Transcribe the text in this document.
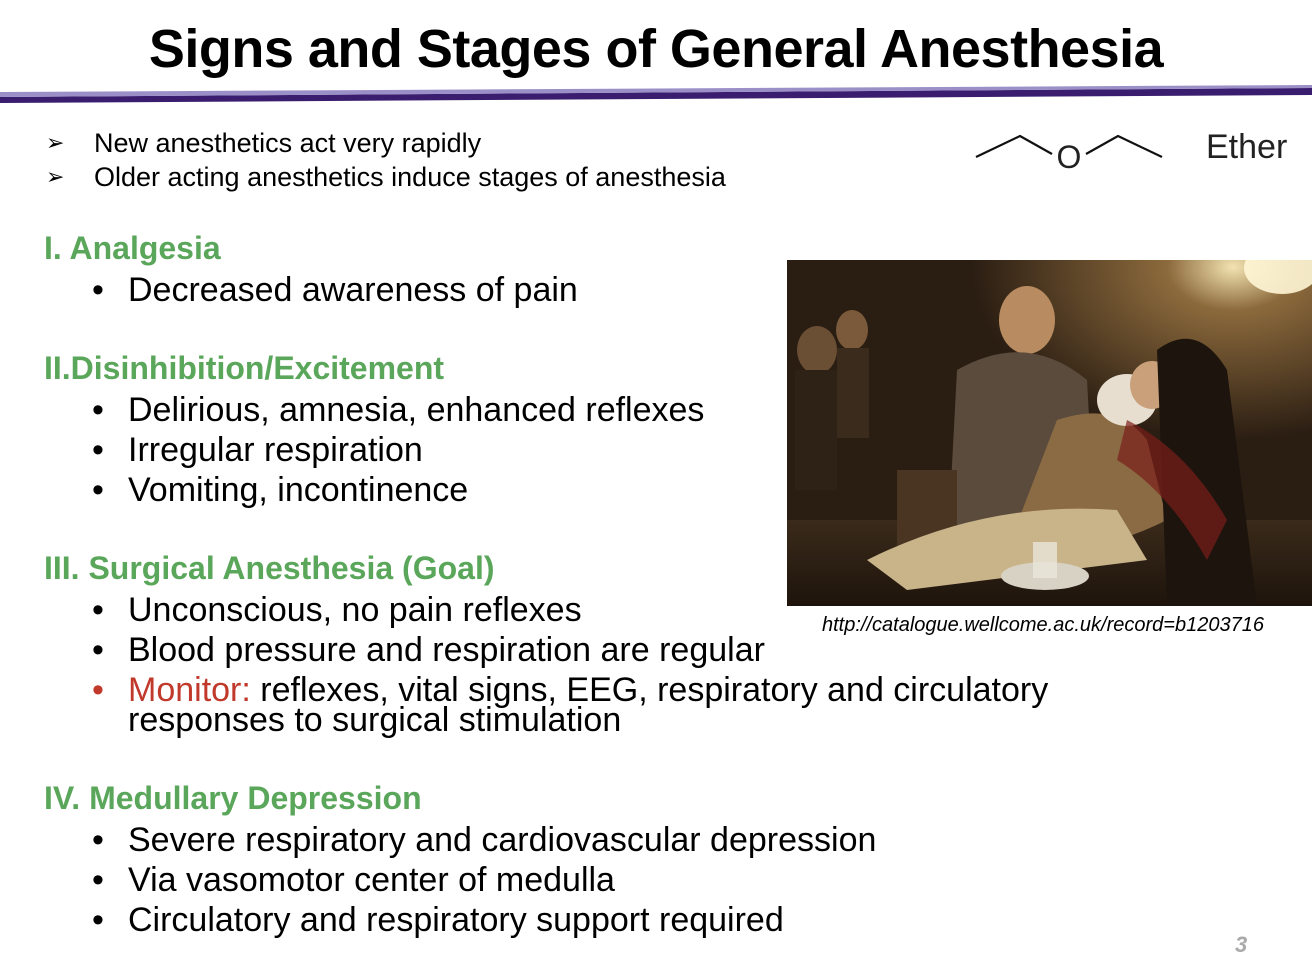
Signs and Stages of General Anesthesia
➢	New anesthetics act very rapidly
➢	Older acting anesthetics induce stages of anesthesia
O	Ether
I. Analgesia
• Decreased awareness of pain
II.Disinhibition/Excitement
• Delirious, amnesia, enhanced reflexes
• Irregular respiration
• Vomiting, incontinence
III. Surgical Anesthesia (Goal)
• Unconscious, no pain reflexes
• Blood pressure and respiration are regular
• Monitor: reflexes, vital signs, EEG, respiratory and circulatory
responses to surgical stimulation
IV. Medullary Depression
• Severe respiratory and cardiovascular depression
• Via vasomotor center of medulla
• Circulatory and respiratory support required
http://catalogue.wellcome.ac.uk/record=b1203716
3
